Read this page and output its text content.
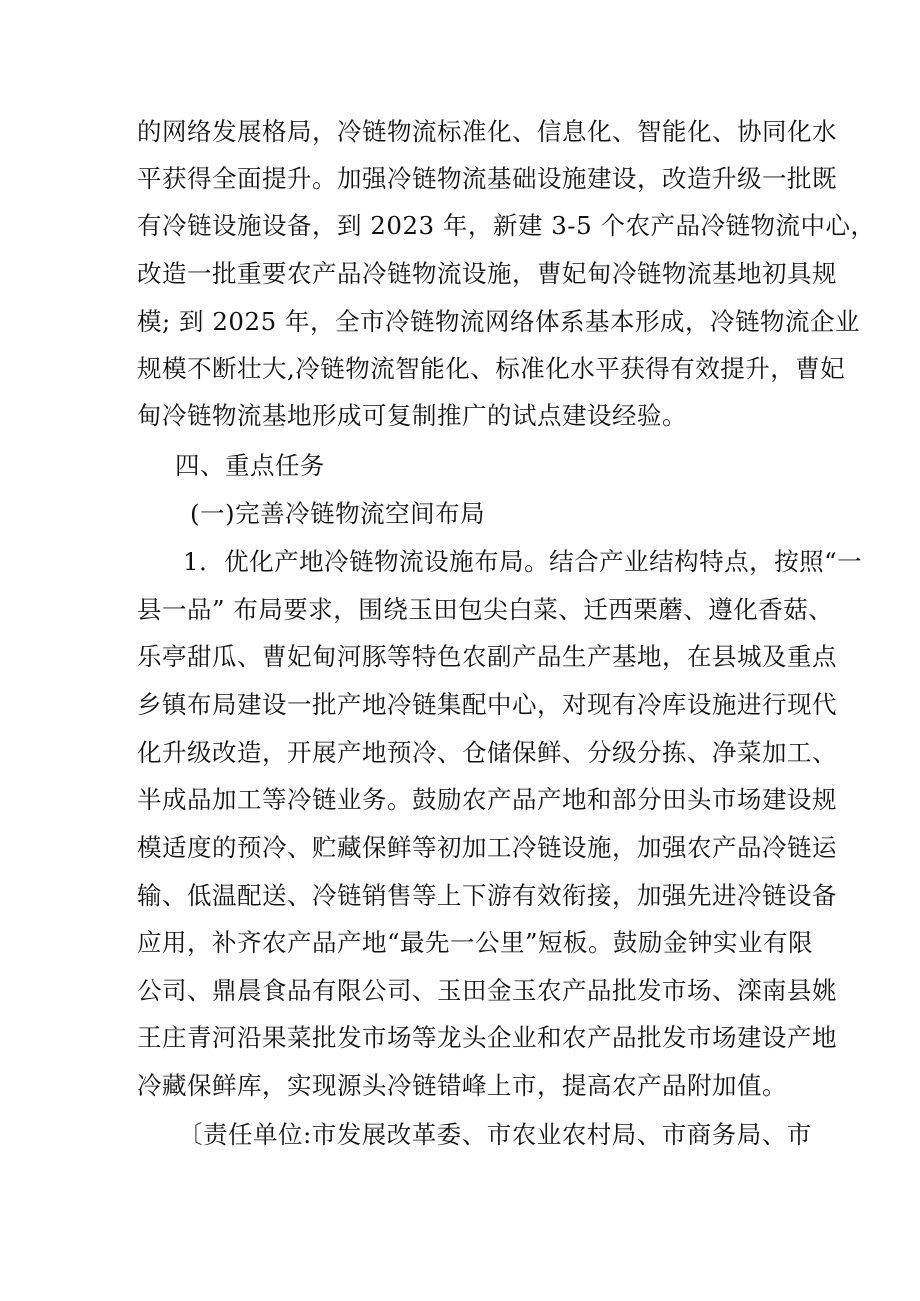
的网络发展格局，冷链物流标准化、信息化、智能化、协同化水
平获得全面提升。加强冷链物流基础设施建设，改造升级一批既
有冷链设施设备，到 2023 年，新建 3-5 个农产品冷链物流中心，
改造一批重要农产品冷链物流设施，曹妃甸冷链物流基地初具规
模; 到 2025 年，全市冷链物流网络体系基本形成，冷链物流企业
规模不断壮大,冷链物流智能化、标准化水平获得有效提升，曹妃
甸冷链物流基地形成可复制推广的试点建设经验。
四、重点任务
(一)完善冷链物流空间布局
1．优化产地冷链物流设施布局。结合产业结构特点，按照“一
县一品” 布局要求，围绕玉田包尖白菜、迁西栗蘑、遵化香菇、
乐亭甜瓜、曹妃甸河豚等特色农副产品生产基地，在县城及重点
乡镇布局建设一批产地冷链集配中心，对现有冷库设施进行现代
化升级改造，开展产地预冷、仓储保鲜、分级分拣、净菜加工、
半成品加工等冷链业务。鼓励农产品产地和部分田头市场建设规
模适度的预冷、贮藏保鲜等初加工冷链设施，加强农产品冷链运
输、低温配送、冷链销售等上下游有效衔接，加强先进冷链设备
应用，补齐农产品产地“最先一公里”短板。鼓励金钟实业有限
公司、鼎晨食品有限公司、玉田金玉农产品批发市场、滦南县姚
王庄青河沿果菜批发市场等龙头企业和农产品批发市场建设产地
冷藏保鲜库，实现源头冷链错峰上市，提高农产品附加值。
〔责任单位:市发展改革委、市农业农村局、市商务局、市
